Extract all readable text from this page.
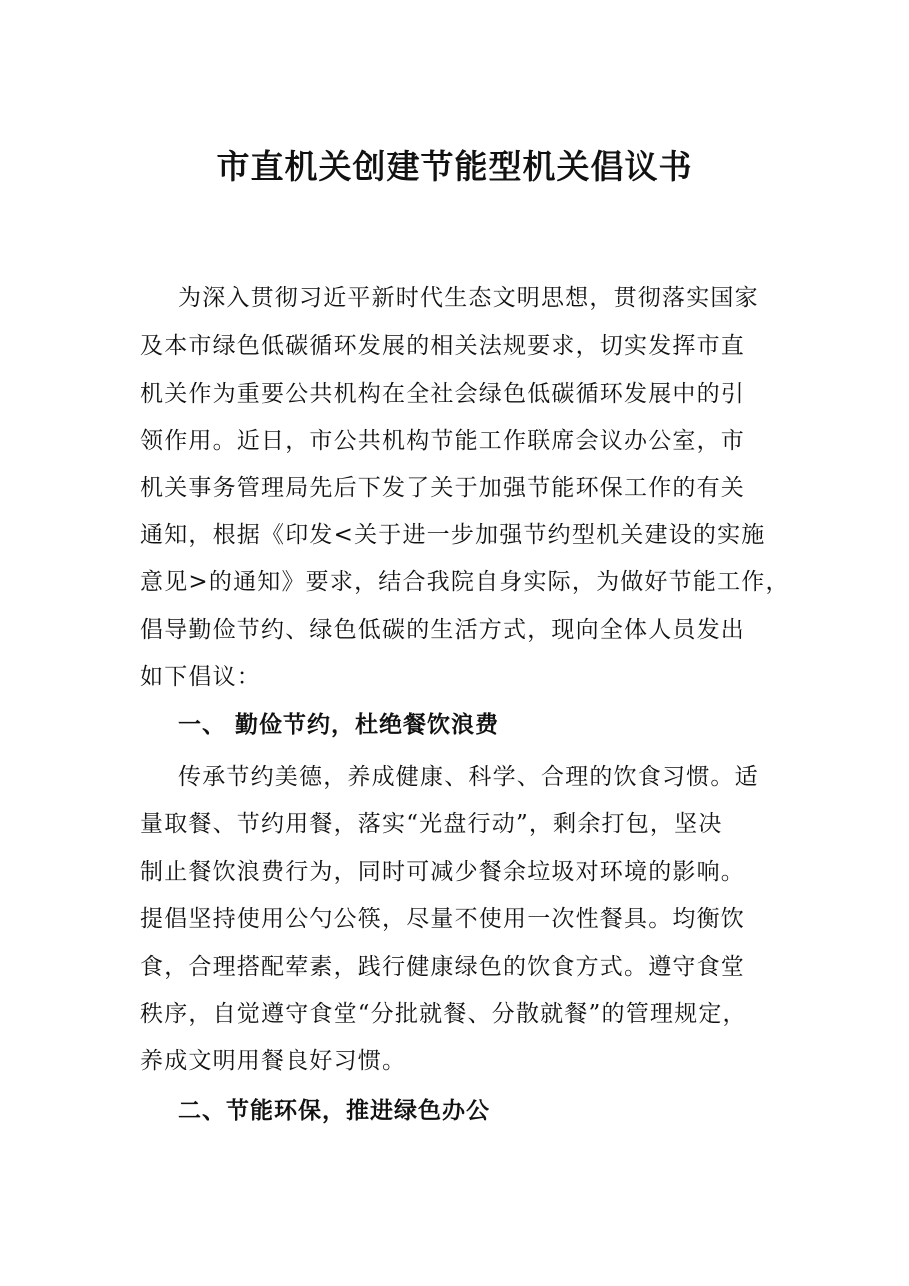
市直机关创建节能型机关倡议书
为深入贯彻习近平新时代生态文明思想，贯彻落实国家
及本市绿色低碳循环发展的相关法规要求，切实发挥市直
机关作为重要公共机构在全社会绿色低碳循环发展中的引
领作用。近日，市公共机构节能工作联席会议办公室，市
机关事务管理局先后下发了关于加强节能环保工作的有关
通知，根据《印发<关于进一步加强节约型机关建设的实施
意见>的通知》要求，结合我院自身实际，为做好节能工作，
倡导勤俭节约、绿色低碳的生活方式，现向全体人员发出
如下倡议：
一、 勤俭节约，杜绝餐饮浪费
传承节约美德，养成健康、科学、合理的饮食习惯。适
量取餐、节约用餐，落实“光盘行动”，剩余打包，坚决
制止餐饮浪费行为，同时可减少餐余垃圾对环境的影响。
提倡坚持使用公勺公筷，尽量不使用一次性餐具。均衡饮
食，合理搭配荤素，践行健康绿色的饮食方式。遵守食堂
秩序，自觉遵守食堂“分批就餐、分散就餐”的管理规定，
养成文明用餐良好习惯。
二、节能环保，推进绿色办公
